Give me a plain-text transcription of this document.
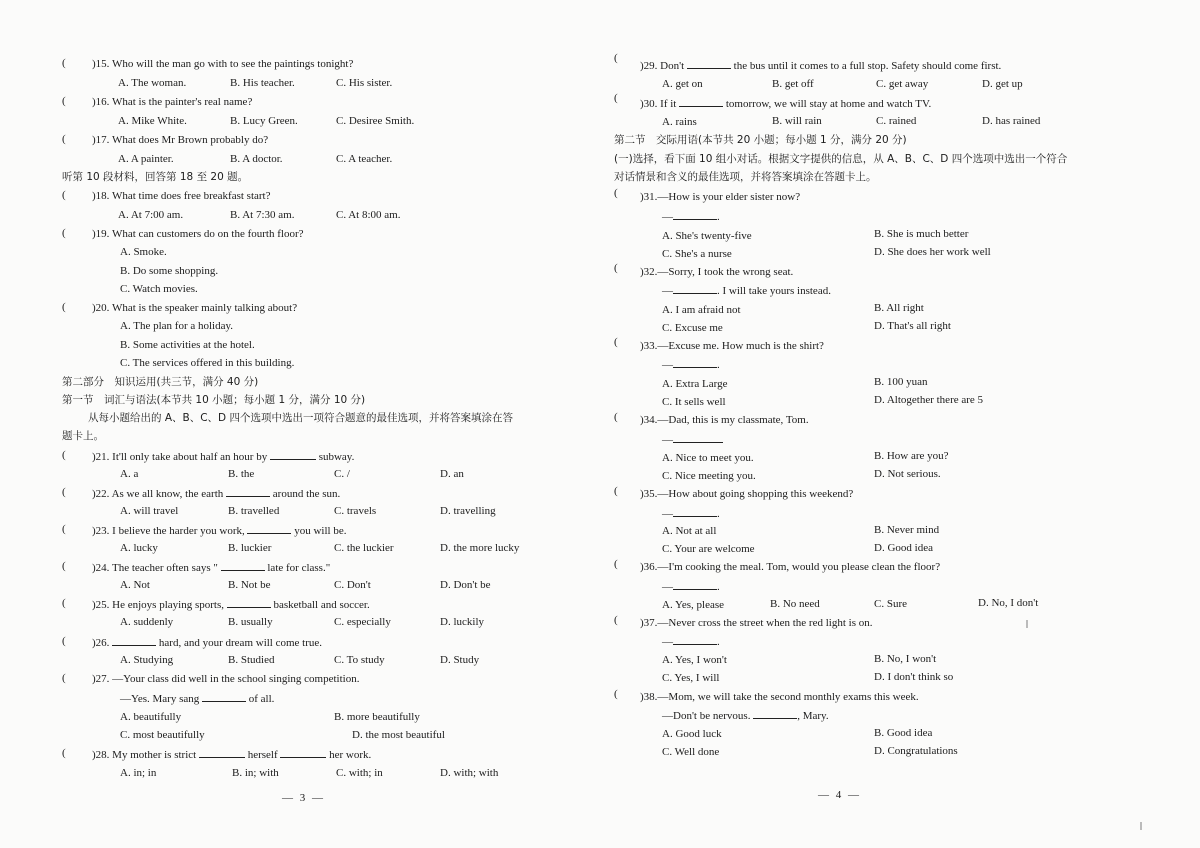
( )15. Who will the man go with to see the paintings tonight?
A. The woman.	B. His teacher.	C. His sister.
( )16. What is the painter's real name?
A. Mike White.	B. Lucy Green.	C. Desiree Smith.
( )17. What does Mr Brown probably do?
A. A painter.	B. A doctor.	C. A teacher.
听第 10 段材料，回答第 18 至 20 题。
( )18. What time does free breakfast start?
A. At 7:00 am.	B. At 7:30 am.	C. At 8:00 am.
( )19. What can customers do on the fourth floor?
A. Smoke.
B. Do some shopping.
C. Watch movies.
( )20. What is the speaker mainly talking about?
A. The plan for a holiday.
B. Some activities at the hotel.
C. The services offered in this building.
第二部分　知识运用(共三节，满分 40 分)
第一节　词汇与语法(本节共 10 小题；每小题 1 分，满分 10 分)
从每小题给出的 A、B、C、D 四个选项中选出一项符合题意的最佳选项，并将答案填涂在答
题卡上。
( )21. It'll only take about half an hour by	subway.
A. a	B. the	C. /	D. an
( )22. As we all know, the earth	around the sun.
A. will travel	B. travelled	C. travels	D. travelling
( )23. I believe the harder you work,	you will be.
A. lucky	B. luckier	C. the luckier	D. the more lucky
( )24. The teacher often says "	late for class."
A. Not	B. Not be	C. Don't	D. Don't be
( )25. He enjoys playing sports,	basketball and soccer.
A. suddenly	B. usually	C. especially	D. luckily
( )26.	hard, and your dream will come true.
A. Studying	B. Studied	C. To study	D. Study
( )27. —Your class did well in the school singing competition.
—Yes. Mary sang	of all.
A. beautifully	B. more beautifully
C. most beautifully	D. the most beautiful
( )28. My mother is strict	herself	her work.
A. in; in	B. in; with	C. with; in	D. with; with
— 3 —
(
)29. Don't	the bus until it comes to a full stop. Safety should come first.
A. get on	B. get off	C. get away	D. get up
( )30. If it	tomorrow, we will stay at home and watch TV.
A. rains	B. will rain	C. rained	D. has rained
第二节　交际用语(本节共 20 小题；每小题 1 分，满分 20 分)
(一)选择，看下面 10 组小对话。根据文字提供的信息，从 A、B、C、D 四个选项中选出一个符合
对话情景和含义的最佳选项，并将答案填涂在答题卡上。
( )31.—How is your elder sister now?
—	.
A. She's twenty-five	B. She is much better
C. She's a nurse	D. She does her work well
( )32.—Sorry, I took the wrong seat.
—	. I will take yours instead.
A. I am afraid not	B. All right
C. Excuse me	D. That's all right
( )33.—Excuse me. How much is the shirt?
—	.
A. Extra Large	B. 100 yuan
C. It sells well	D. Altogether there are 5
( )34.—Dad, this is my classmate, Tom.
—
A. Nice to meet you.	B. How are you?
C. Nice meeting you.	D. Not serious.
( )35.—How about going shopping this weekend?
—	.
A. Not at all	B. Never mind
C. Your are welcome	D. Good idea
( )36.—I'm cooking the meal. Tom, would you please clean the floor?
—	.
A. Yes, please	B. No need	C. Sure	D. No, I don't
( )37.—Never cross the street when the red light is on.
—	.
A. Yes, I won't	B. No, I won't
C. Yes, I will	D. I don't think so
( )38.—Mom, we will take the second monthly exams this week.
—Don't be nervous.	, Mary.
A. Good luck	B. Good idea
C. Well done	D. Congratulations
— 4 —
